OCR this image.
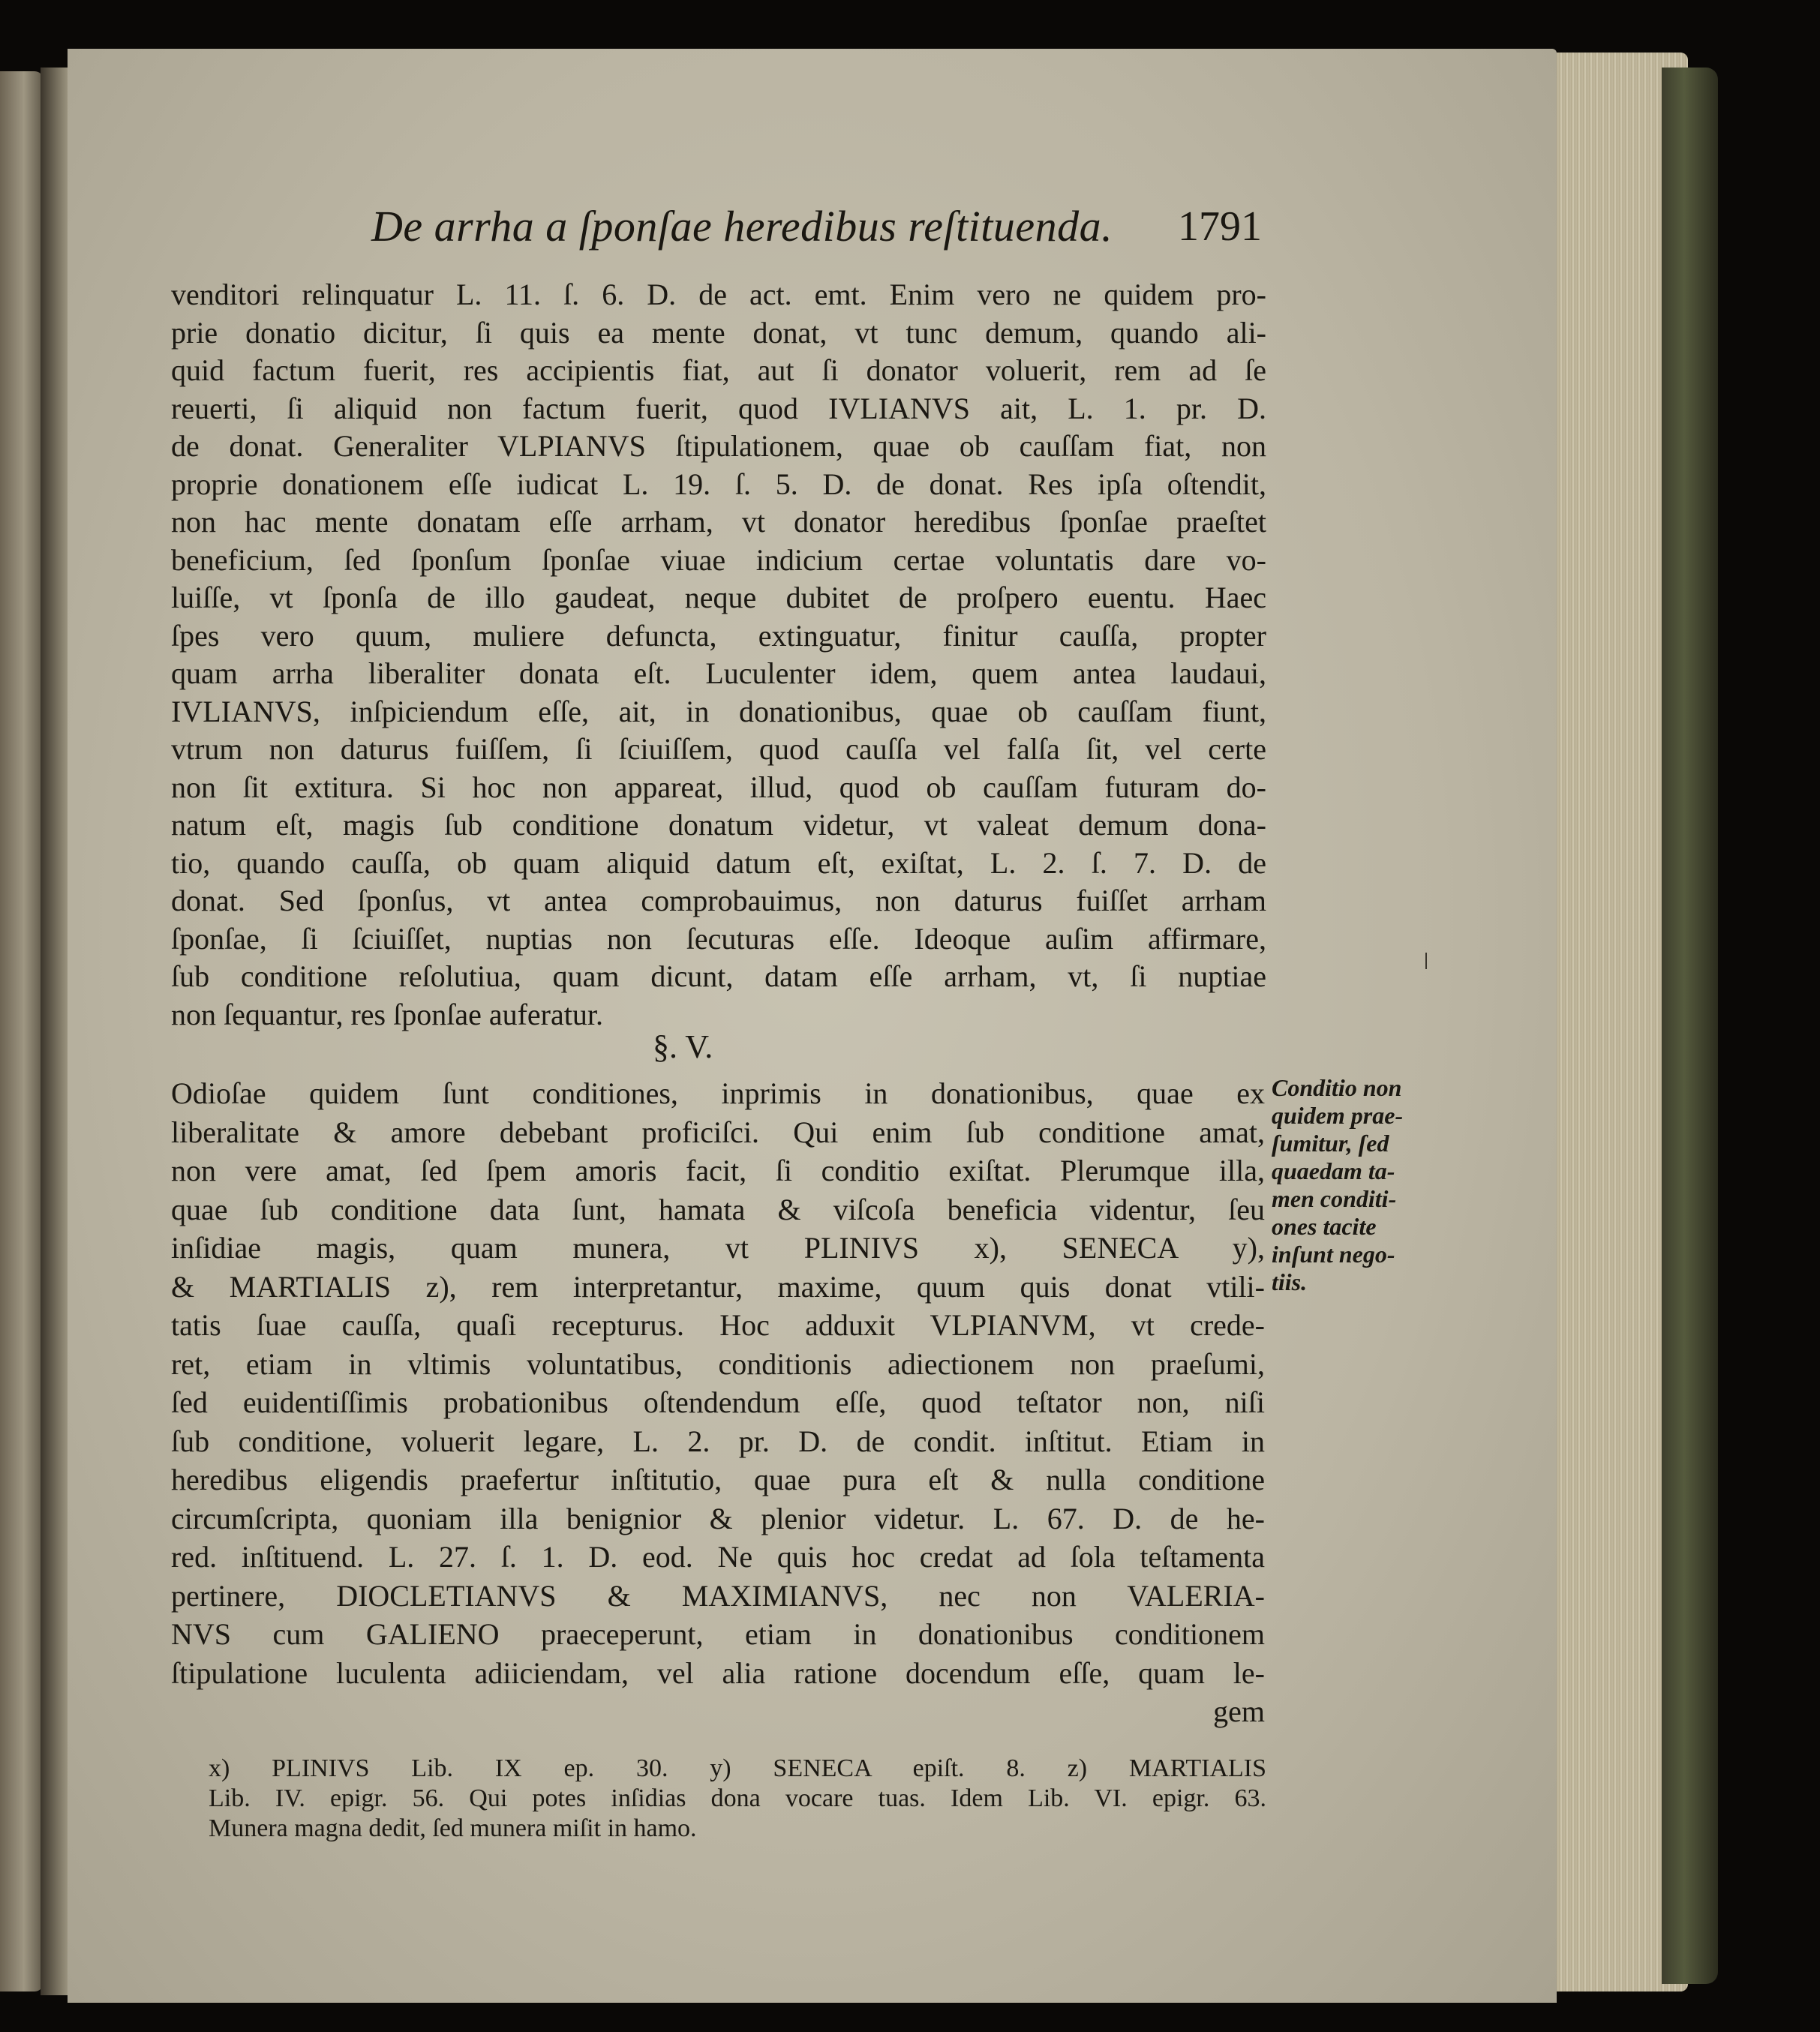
De arrha a ſponſae heredibus reſtituenda. 1791
venditori relinquatur L. 11. ſ. 6. D. de act. emt. Enim vero ne quidem pro-
prie donatio dicitur, ſi quis ea mente donat, vt tunc demum, quando ali-
quid factum fuerit, res accipientis fiat, aut ſi donator voluerit, rem ad ſe
reuerti, ſi aliquid non factum fuerit, quod IVLIANVS ait, L. 1. pr. D.
de donat. Generaliter VLPIANVS ſtipulationem, quae ob cauſſam fiat, non
proprie donationem eſſe iudicat L. 19. ſ. 5. D. de donat. Res ipſa oſtendit,
non hac mente donatam eſſe arrham, vt donator heredibus ſponſae praeſtet
beneficium, ſed ſponſum ſponſae viuae indicium certae voluntatis dare vo-
luiſſe, vt ſponſa de illo gaudeat, neque dubitet de proſpero euentu. Haec
ſpes vero quum, muliere defuncta, extinguatur, finitur cauſſa, propter
quam arrha liberaliter donata eſt. Luculenter idem, quem antea laudaui,
IVLIANVS, inſpiciendum eſſe, ait, in donationibus, quae ob cauſſam fiunt,
vtrum non daturus fuiſſem, ſi ſciuiſſem, quod cauſſa vel falſa ſit, vel certe
non ſit extitura. Si hoc non appareat, illud, quod ob cauſſam futuram do-
natum eſt, magis ſub conditione donatum videtur, vt valeat demum dona-
tio, quando cauſſa, ob quam aliquid datum eſt, exiſtat, L. 2. ſ. 7. D. de
donat. Sed ſponſus, vt antea comprobauimus, non daturus fuiſſet arrham
ſponſae, ſi ſciuiſſet, nuptias non ſecuturas eſſe. Ideoque auſim affirmare,
ſub conditione reſolutiua, quam dicunt, datam eſſe arrham, vt, ſi nuptiae
non ſequantur, res ſponſae auferatur.
§. V.
Odioſae quidem ſunt conditiones, inprimis in donationibus, quae ex
liberalitate & amore debebant proficiſci. Qui enim ſub conditione amat,
non vere amat, ſed ſpem amoris facit, ſi conditio exiſtat. Plerumque illa,
quae ſub conditione data ſunt, hamata & viſcoſa beneficia videntur, ſeu
inſidiae magis, quam munera, vt PLINIVS x), SENECA y),
& MARTIALIS z), rem interpretantur, maxime, quum quis donat vtili-
tatis ſuae cauſſa, quaſi recepturus. Hoc adduxit VLPIANVM, vt crede-
ret, etiam in vltimis voluntatibus, conditionis adiectionem non praeſumi,
ſed euidentiſſimis probationibus oſtendendum eſſe, quod teſtator non, niſi
ſub conditione, voluerit legare, L. 2. pr. D. de condit. inſtitut. Etiam in
heredibus eligendis praefertur inſtitutio, quae pura eſt & nulla conditione
circumſcripta, quoniam illa benignior & plenior videtur. L. 67. D. de he-
red. inſtituend. L. 27. ſ. 1. D. eod. Ne quis hoc credat ad ſola teſtamenta
pertinere, DIOCLETIANVS & MAXIMIANVS, nec non VALERIA-
NVS cum GALIENO praeceperunt, etiam in donationibus conditionem
ſtipulatione luculenta adiiciendam, vel alia ratione docendum eſſe, quam le-
gem
Conditio non
quidem prae-
ſumitur, ſed
quaedam ta-
men conditi-
ones tacite
inſunt nego-
tiis.
x) PLINIVS Lib. IX ep. 30. y) SENECA epiſt. 8. z) MARTIALIS
Lib. IV. epigr. 56. Qui potes inſidias dona vocare tuas. Idem Lib. VI. epigr. 63.
Munera magna dedit, ſed munera miſit in hamo.
